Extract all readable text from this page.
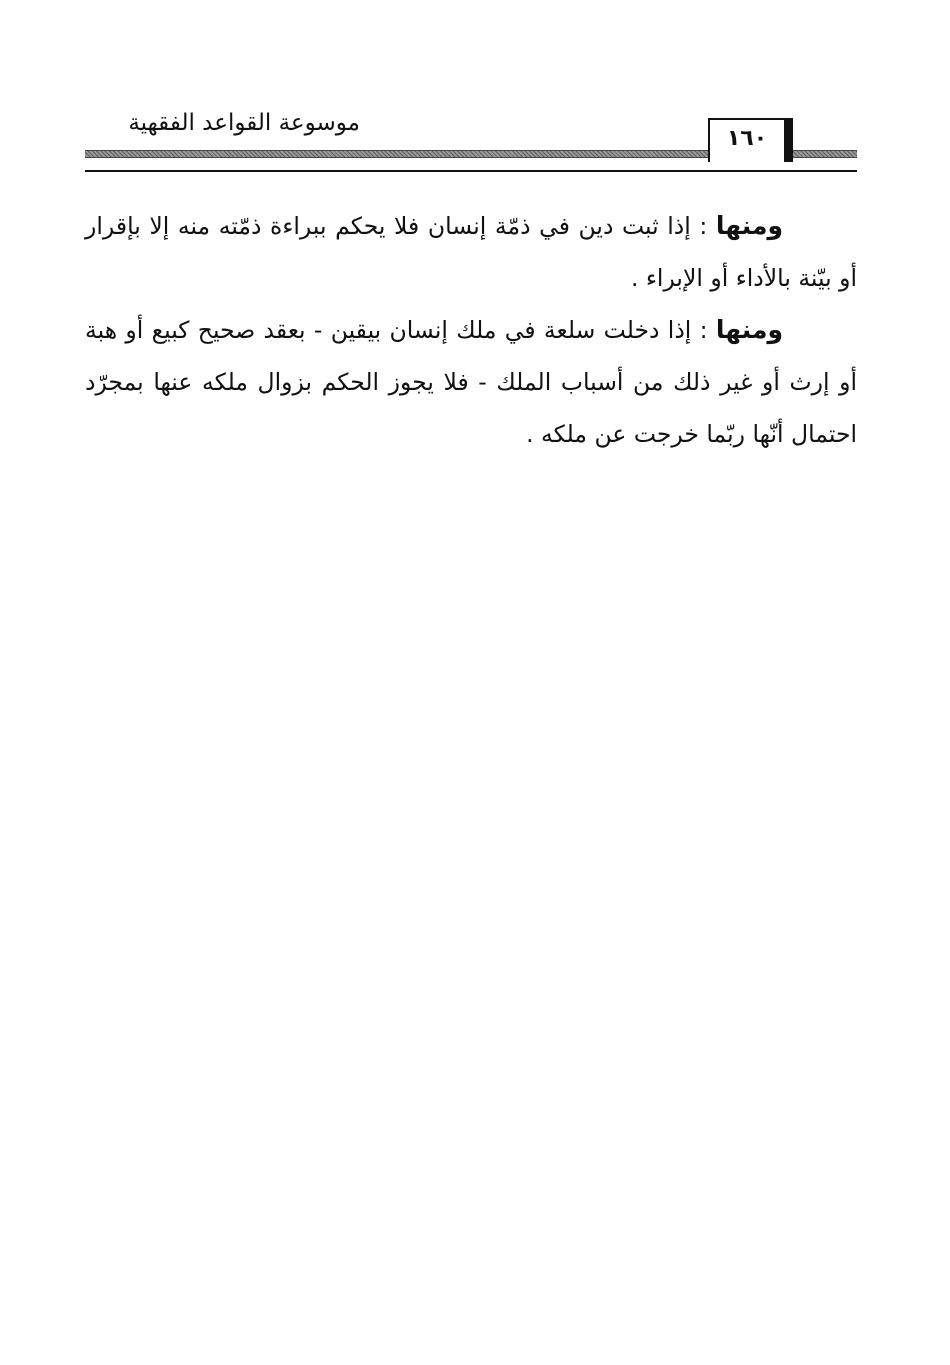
موسوعة القواعد الفقهية
١٦٠

ومنها : إذا ثبت دين في ذمّة إنسان فلا يحكم ببراءة ذمّته منه إلا بإقرار أو بيّنة بالأداء أو الإبراء .

ومنها : إذا دخلت سلعة في ملك إنسان بيقين - بعقد صحيح كبيع أو هبة أو إرث أو غير ذلك من أسباب الملك - فلا يجوز الحكم بزوال ملكه عنها بمجرّد احتمال أنّها ربّما خرجت عن ملكه .
